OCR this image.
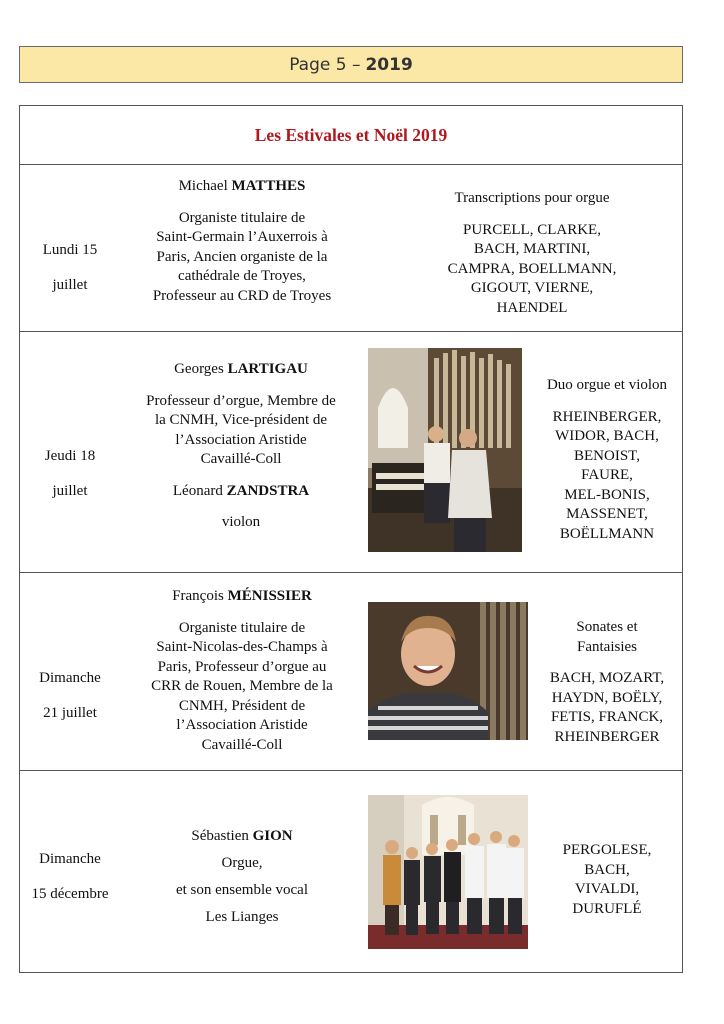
Page 5 – 2019
Les Estivales et Noël 2019

Lundi 15

juillet

Michael MATTHES

Organiste titulaire de

Saint-Germain l’Auxerrois à

Paris, Ancien organiste de la

cathédrale de Troyes,

Professeur au CRD de Troyes

Transcriptions pour orgue

PURCELL, CLARKE,

BACH, MARTINI,

CAMPRA, BOELLMANN,

GIGOUT, VIERNE,

HAENDEL

Jeudi 18

juillet

Georges LARTIGAU

Professeur d’orgue, Membre de

la CNMH, Vice-président de

l’Association Aristide

Cavaillé-Coll

Léonard ZANDSTRA

violon

Duo orgue et violon

RHEINBERGER,

WIDOR, BACH,

BENOIST,

FAURE,

MEL-BONIS,

MASSENET,

BOËLLMANN

Dimanche

21 juillet

François MÉNISSIER

Organiste titulaire de

Saint-Nicolas-des-Champs à

Paris, Professeur d’orgue au

CRR de Rouen, Membre de la

CNMH, Président de

l’Association Aristide

Cavaillé-Coll

Sonates et

Fantaisies

BACH, MOZART,

HAYDN, BOËLY,

FETIS, FRANCK,

RHEINBERGER

Dimanche

15 décembre

Sébastien GION

Orgue,

et son ensemble vocal

Les Lianges

PERGOLESE,

BACH,

VIVALDI,

DURUFLÉ
